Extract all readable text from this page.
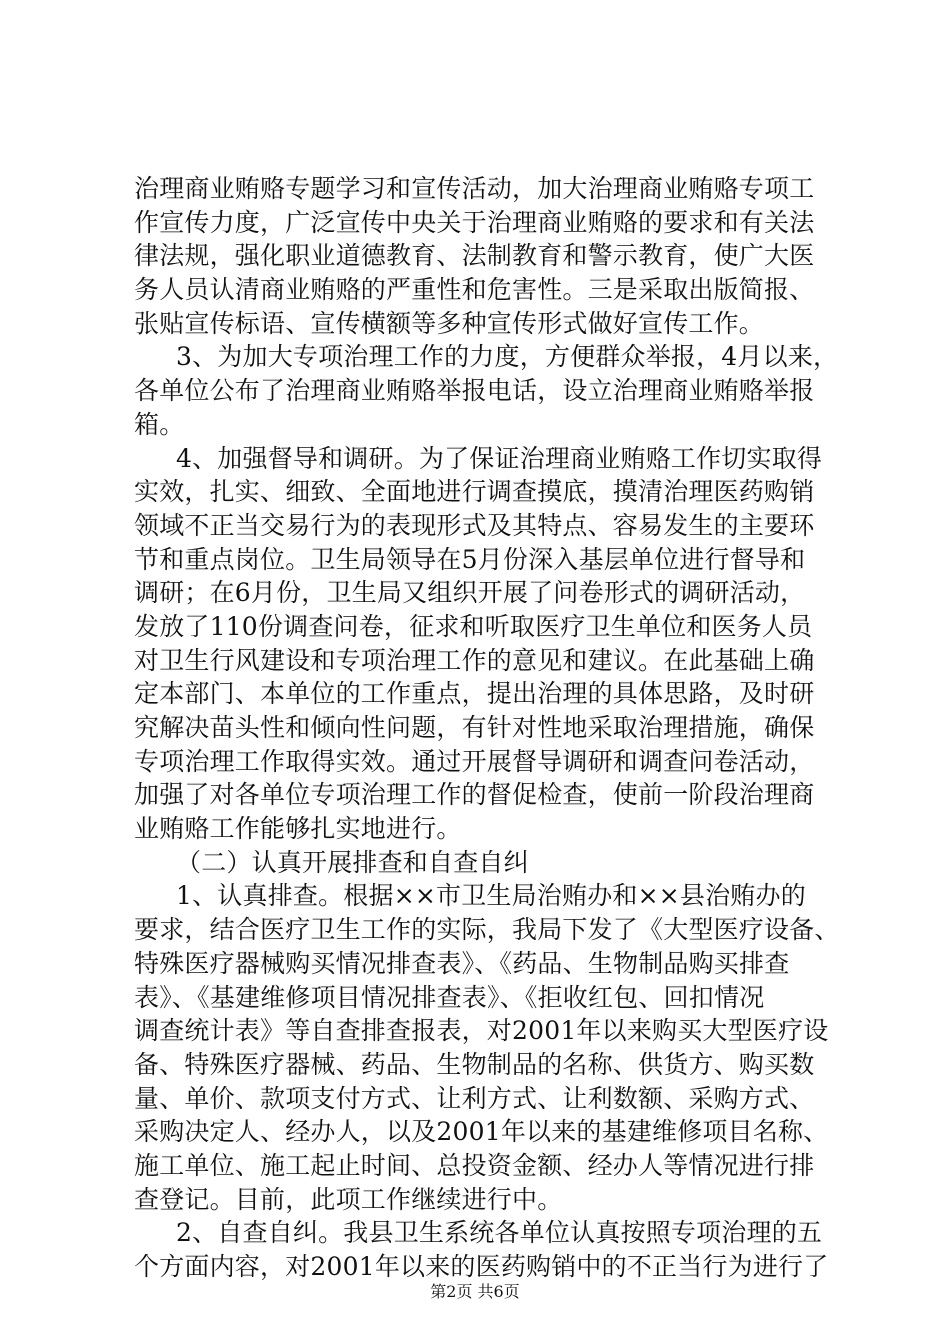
治理商业贿赂专题学习和宣传活动，加大治理商业贿赂专项工
作宣传力度，广泛宣传中央关于治理商业贿赂的要求和有关法
律法规，强化职业道德教育、法制教育和警示教育，使广大医
务人员认清商业贿赂的严重性和危害性。三是采取出版简报、
张贴宣传标语、宣传横额等多种宣传形式做好宣传工作。
3、为加大专项治理工作的力度，方便群众举报，4月以来，
各单位公布了治理商业贿赂举报电话，设立治理商业贿赂举报
箱。
4、加强督导和调研。为了保证治理商业贿赂工作切实取得
实效，扎实、细致、全面地进行调查摸底，摸清治理医药购销
领域不正当交易行为的表现形式及其特点、容易发生的主要环
节和重点岗位。卫生局领导在5月份深入基层单位进行督导和
调研；在6月份，卫生局又组织开展了问卷形式的调研活动，
发放了110份调查问卷，征求和听取医疗卫生单位和医务人员
对卫生行风建设和专项治理工作的意见和建议。在此基础上确
定本部门、本单位的工作重点，提出治理的具体思路，及时研
究解决苗头性和倾向性问题，有针对性地采取治理措施，确保
专项治理工作取得实效。通过开展督导调研和调查问卷活动，
加强了对各单位专项治理工作的督促检查，使前一阶段治理商
业贿赂工作能够扎实地进行。
（二）认真开展排查和自查自纠
1、认真排查。根据××市卫生局治贿办和××县治贿办的
要求，结合医疗卫生工作的实际，我局下发了《大型医疗设备、
特殊医疗器械购买情况排查表》、《药品、生物制品购买排查
表》、《基建维修项目情况排查表》、《拒收红包、回扣情况
调查统计表》等自查排查报表，对2001年以来购买大型医疗设
备、特殊医疗器械、药品、生物制品的名称、供货方、购买数
量、单价、款项支付方式、让利方式、让利数额、采购方式、
采购决定人、经办人，以及2001年以来的基建维修项目名称、
施工单位、施工起止时间、总投资金额、经办人等情况进行排
查登记。目前，此项工作继续进行中。
2、自查自纠。我县卫生系统各单位认真按照专项治理的五
个方面内容，对2001年以来的医药购销中的不正当行为进行了
第2页 共6页
